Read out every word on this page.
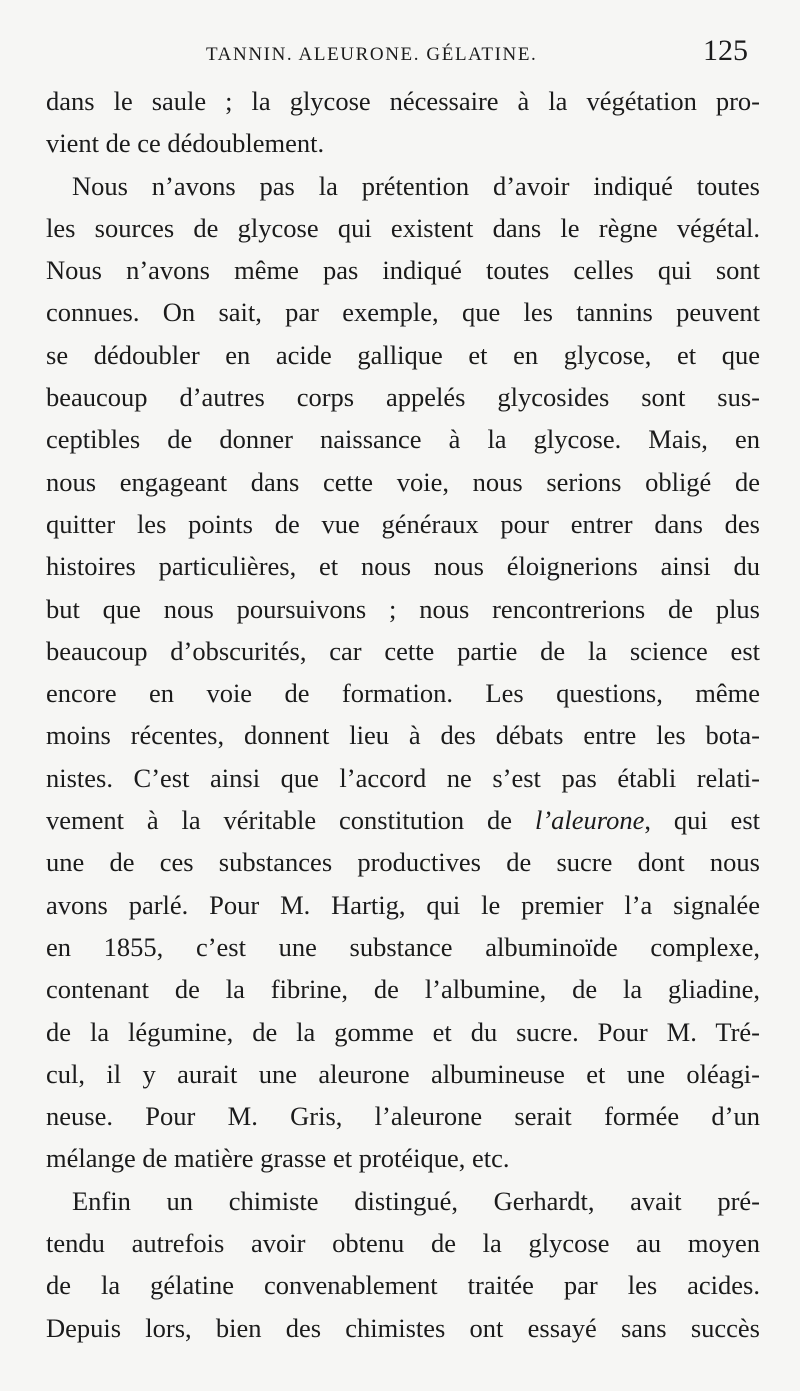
TANNIN. ALEURONE. GÉLATINE.	125
dans le saule ; la glycose nécessaire à la végétation pro-
vient de ce dédoublement.
Nous n’avons pas la prétention d’avoir indiqué toutes
les sources de glycose qui existent dans le règne végétal.
Nous n’avons même pas indiqué toutes celles qui sont
connues. On sait, par exemple, que les tannins peuvent
se dédoubler en acide gallique et en glycose, et que
beaucoup d’autres corps appelés glycosides sont sus-
ceptibles de donner naissance à la glycose. Mais, en
nous engageant dans cette voie, nous serions obligé de
quitter les points de vue généraux pour entrer dans des
histoires particulières, et nous nous éloignerions ainsi du
but que nous poursuivons ; nous rencontrerions de plus
beaucoup d’obscurités, car cette partie de la science est
encore en voie de formation. Les questions, même
moins récentes, donnent lieu à des débats entre les bota-
nistes. C’est ainsi que l’accord ne s’est pas établi relati-
vement à la véritable constitution de l’aleurone, qui est
une de ces substances productives de sucre dont nous
avons parlé. Pour M. Hartig, qui le premier l’a signalée
en 1855, c’est une substance albuminoïde complexe,
contenant de la fibrine, de l’albumine, de la gliadine,
de la légumine, de la gomme et du sucre. Pour M. Tré-
cul, il y aurait une aleurone albumineuse et une oléagi-
neuse. Pour M. Gris, l’aleurone serait formée d’un
mélange de matière grasse et protéique, etc.
Enfin un chimiste distingué, Gerhardt, avait pré-
tendu autrefois avoir obtenu de la glycose au moyen
de la gélatine convenablement traitée par les acides.
Depuis lors, bien des chimistes ont essayé sans succès
